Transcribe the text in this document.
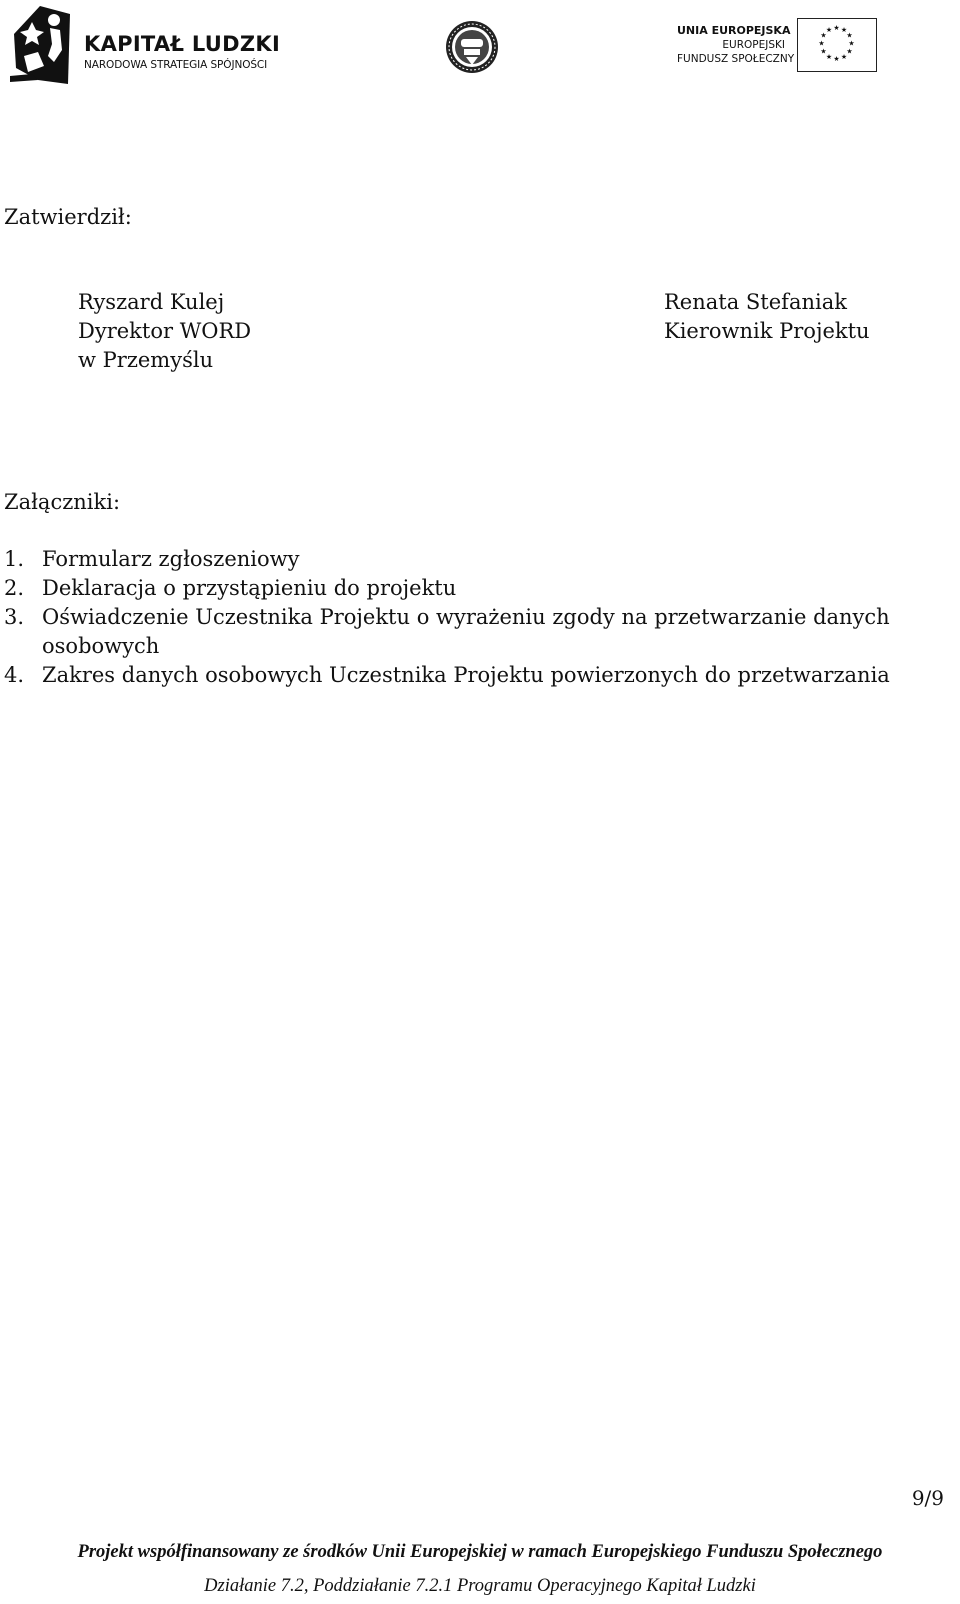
KAPITAŁ LUDZKI
NARODOWA STRATEGIA SPÓJNOŚCI
UNIA EUROPEJSKA
EUROPEJSKI
FUNDUSZ SPOŁECZNY
★ ★
★
★
★
★
★
★
★
★
★
★
Zatwierdził:
Ryszard Kulej
Dyrektor WORD
w Przemyślu
Renata Stefaniak
Kierownik Projektu
Załączniki:
1. Formularz zgłoszeniowy
2. Deklaracja o przystąpieniu do projektu
3. Oświadczenie Uczestnika Projektu o wyrażeniu zgody na przetwarzanie danych
osobowych
4. Zakres danych osobowych Uczestnika Projektu powierzonych do przetwarzania
9/9
Projekt współfinansowany ze środków Unii Europejskiej w ramach Europejskiego Funduszu Społecznego
Działanie 7.2, Poddziałanie 7.2.1 Programu Operacyjnego Kapitał Ludzki
